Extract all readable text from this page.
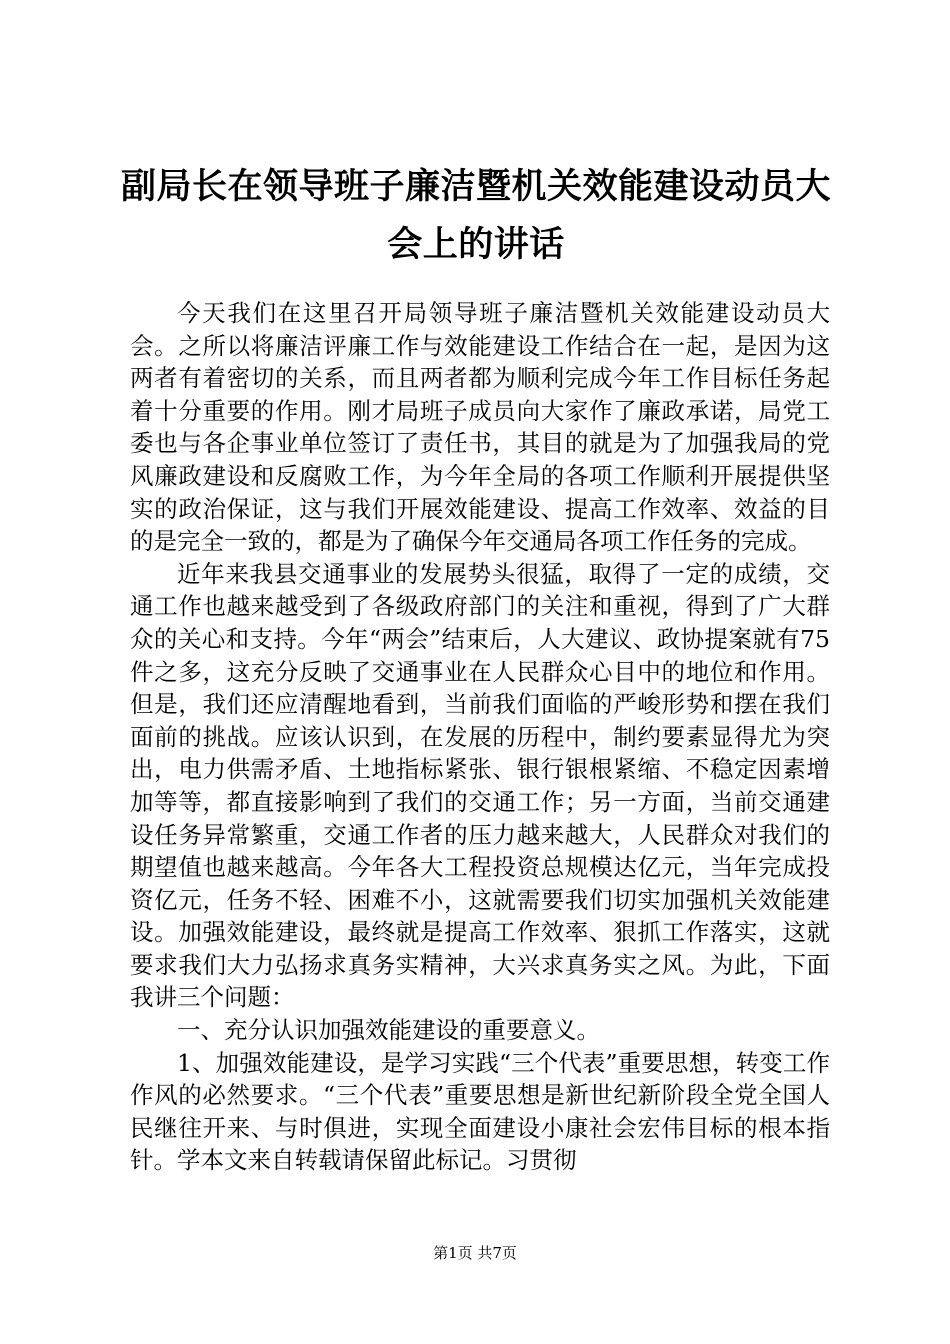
副局长在领导班子廉洁暨机关效能建设动员大
会上的讲话

今天我们在这里召开局领导班子廉洁暨机关效能建设动员大会。之所以将廉洁评廉工作与效能建设工作结合在一起，是因为这两者有着密切的关系，而且两者都为顺利完成今年工作目标任务起着十分重要的作用。刚才局班子成员向大家作了廉政承诺，局党工委也与各企事业单位签订了责任书，其目的就是为了加强我局的党风廉政建设和反腐败工作，为今年全局的各项工作顺利开展提供坚实的政治保证，这与我们开展效能建设、提高工作效率、效益的目的是完全一致的，都是为了确保今年交通局各项工作任务的完成。

近年来我县交通事业的发展势头很猛，取得了一定的成绩，交通工作也越来越受到了各级政府部门的关注和重视，得到了广大群众的关心和支持。今年“两会”结束后，人大建议、政协提案就有75件之多，这充分反映了交通事业在人民群众心目中的地位和作用。但是，我们还应清醒地看到，当前我们面临的严峻形势和摆在我们面前的挑战。应该认识到，在发展的历程中，制约要素显得尤为突出，电力供需矛盾、土地指标紧张、银行银根紧缩、不稳定因素增加等等，都直接影响到了我们的交通工作；另一方面，当前交通建设任务异常繁重，交通工作者的压力越来越大，人民群众对我们的期望值也越来越高。今年各大工程投资总规模达亿元，当年完成投资亿元，任务不轻、困难不小，这就需要我们切实加强机关效能建设。加强效能建设，最终就是提高工作效率、狠抓工作落实，这就要求我们大力弘扬求真务实精神，大兴求真务实之风。为此，下面我讲三个问题：

一、充分认识加强效能建设的重要意义。

1、加强效能建设，是学习实践“三个代表”重要思想，转变工作作风的必然要求。“三个代表”重要思想是新世纪新阶段全党全国人民继往开来、与时俱进，实现全面建设小康社会宏伟目标的根本指针。学本文来自转载请保留此标记。习贯彻

第1页 共7页
